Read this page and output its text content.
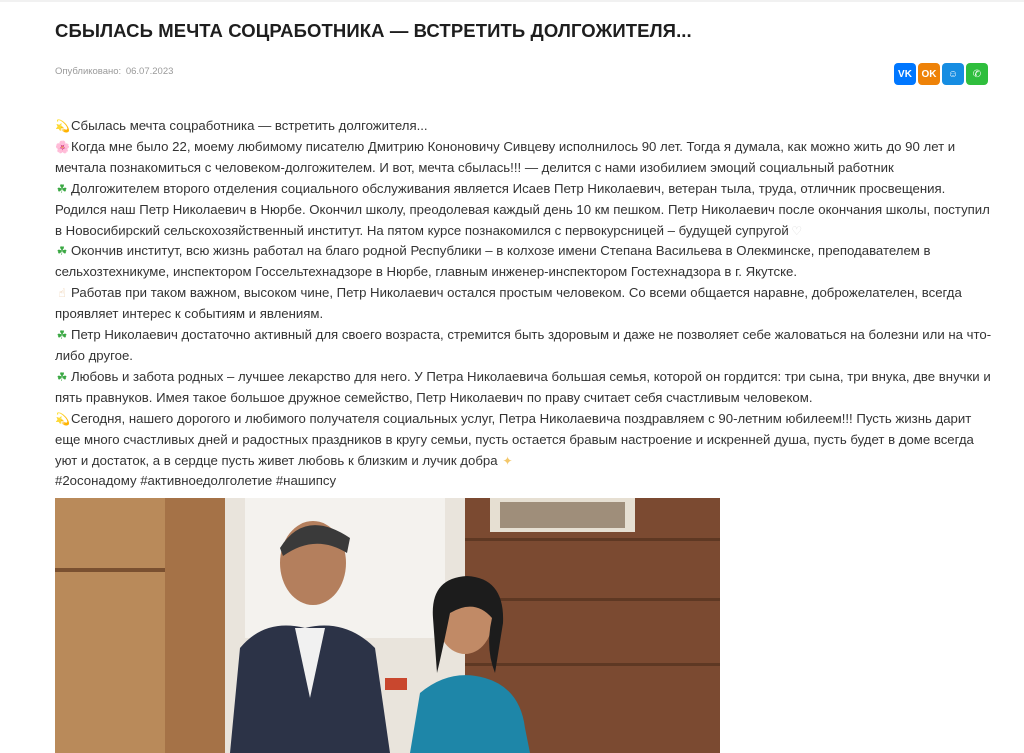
СБЫЛАСЬ МЕЧТА СОЦРАБОТНИКА — ВСТРЕТИТЬ ДОЛГОЖИТЕЛЯ...
Опубликовано: 06.07.2023	VK OK ☺ ✆

💫Сбылась мечта соцработника — встретить долгожителя...

🌸Когда мне было 22, моему любимому писателю Дмитрию Кононовичу Сивцеву исполнилось 90 лет. Тогда я думала, как можно жить до 90 лет и мечтала познакомиться с человеком-долгожителем. И вот, мечта сбылась!!! — делится с нами изобилием эмоций социальный работник

☘ Долгожителем второго отделения социального обслуживания является Исаев Петр Николаевич, ветеран тыла, труда, отличник просвещения. Родился наш Петр Николаевич в Нюрбе. Окончил школу, преодолевая каждый день 10 км пешком. Петр Николаевич после окончания школы, поступил в Новосибирский сельскохозяйственный институт. На пятом курсе познакомился с первокурсницей – будущей супругой ♡

☘ Окончив институт, всю жизнь работал на благо родной Республики – в колхозе имени Степана Васильева в Олекминске, преподавателем в сельхозтехникуме, инспектором Госсельтехнадзоре в Нюрбе, главным инженер-инспектором Гостехнадзора в г. Якутске.

☝ Работав при таком важном, высоком чине, Петр Николаевич остался простым человеком. Со всеми общается наравне, доброжелателен, всегда проявляет интерес к событиям и явлениям.

☘ Петр Николаевич достаточно активный для своего возраста, стремится быть здоровым и даже не позволяет себе жаловаться на болезни или на что- либо другое.

☘ Любовь и забота родных – лучшее лекарство для него. У Петра Николаевича большая семья, которой он гордится: три сына, три внука, две внучки и пять правнуков. Имея такое большое дружное семейство, Петр Николаевич по праву считает себя счастливым человеком.

💫Сегодня, нашего дорогого и любимого получателя социальных услуг, Петра Николаевича поздравляем с 90-летним юбилеем!!! Пусть жизнь дарит еще много счастливых дней и радостных праздников в кругу семьи, пусть остается бравым настроение и искренней душа, пусть будет в доме всегда уют и достаток, а в сердце пусть живет любовь к близким и лучик добра ✦

#2осонадому #активноедолголетие #нашипсу
